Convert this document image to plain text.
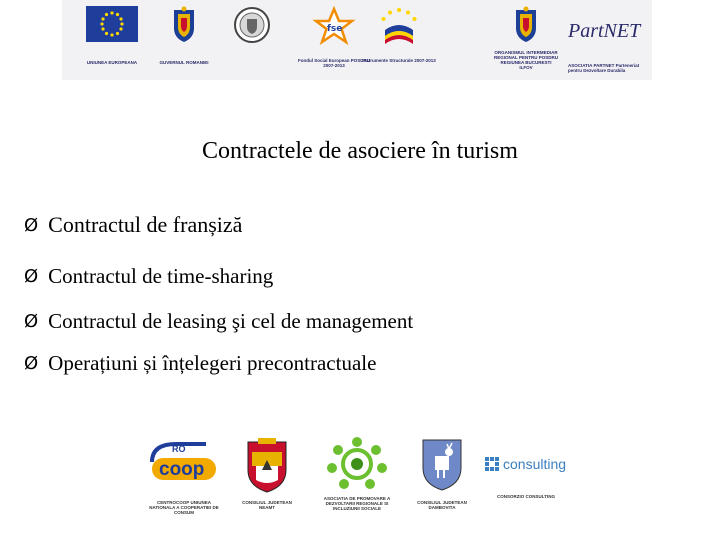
UNIUNEA EUROPEANA	GUVERNUL ROMANIEI
fse
Fondul Social European POSDRU 2007-2013
Instrumente Structurale 2007-2013
ORGANISMUL INTERMEDIAR REGIONAL PENTRU POSDRU REGIUNEA BUCURESTI ILFOV
PartNET
ASOCIATIA PARTNET Parteneriat pentru Dezvoltare Durabila
Contractele de asociere în turism
Ø Contractul de franșiză
Ø Contractul de time-sharing
Ø Contractul de leasing şi cel de management
Ø Operațiuni și înțelegeri precontractuale
RO
coop
CENTROCOOP UNIUNEA NATIONALA A COOPERATIEI DE CONSUM
CONSILIUL JUDETEAN NEAMT
ASOCIATIA DE PROMOVARE A DEZVOLTARII REGIONALE SI INCLUZIUNII SOCIALE
CONSILIUL JUDETEAN DAMBOVITA
consulting
CONSORZIO CONSULTING
